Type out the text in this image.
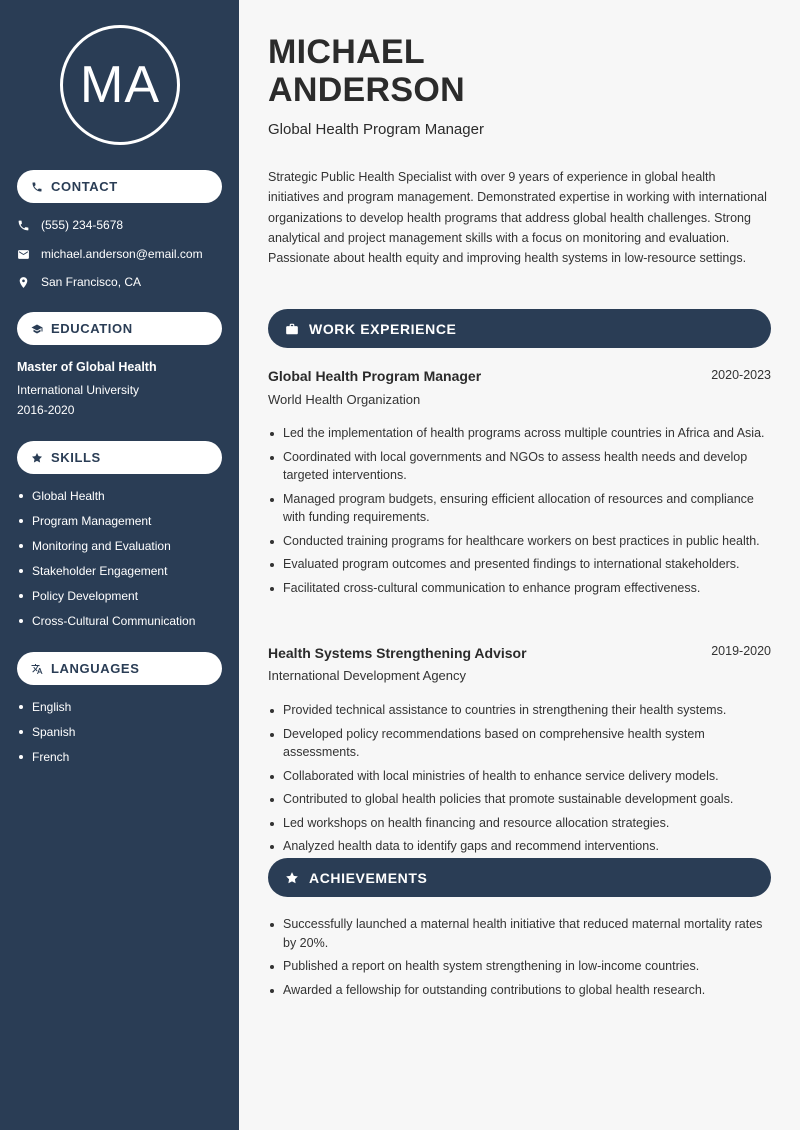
MA
CONTACT
(555) 234-5678
michael.anderson@email.com
San Francisco, CA
EDUCATION
Master of Global Health
International University
2016-2020
SKILLS
Global Health
Program Management
Monitoring and Evaluation
Stakeholder Engagement
Policy Development
Cross-Cultural Communication
LANGUAGES
English
Spanish
French
MICHAEL
ANDERSON
Global Health Program Manager

Strategic Public Health Specialist with over 9 years of experience in global health initiatives and program management. Demonstrated expertise in working with international organizations to develop health programs that address global health challenges. Strong analytical and project management skills with a focus on monitoring and evaluation. Passionate about health equity and improving health systems in low-resource settings.

WORK EXPERIENCE
Global Health Program Manager	2020-2023
World Health Organization
Led the implementation of health programs across multiple countries in Africa and Asia.
Coordinated with local governments and NGOs to assess health needs and develop targeted interventions.
Managed program budgets, ensuring efficient allocation of resources and compliance with funding requirements.
Conducted training programs for healthcare workers on best practices in public health.
Evaluated program outcomes and presented findings to international stakeholders.
Facilitated cross-cultural communication to enhance program effectiveness.
Health Systems Strengthening Advisor	2019-2020
International Development Agency
Provided technical assistance to countries in strengthening their health systems.
Developed policy recommendations based on comprehensive health system assessments.
Collaborated with local ministries of health to enhance service delivery models.
Contributed to global health policies that promote sustainable development goals.
Led workshops on health financing and resource allocation strategies.
Analyzed health data to identify gaps and recommend interventions.
ACHIEVEMENTS
Successfully launched a maternal health initiative that reduced maternal mortality rates by 20%.
Published a report on health system strengthening in low-income countries.
Awarded a fellowship for outstanding contributions to global health research.
